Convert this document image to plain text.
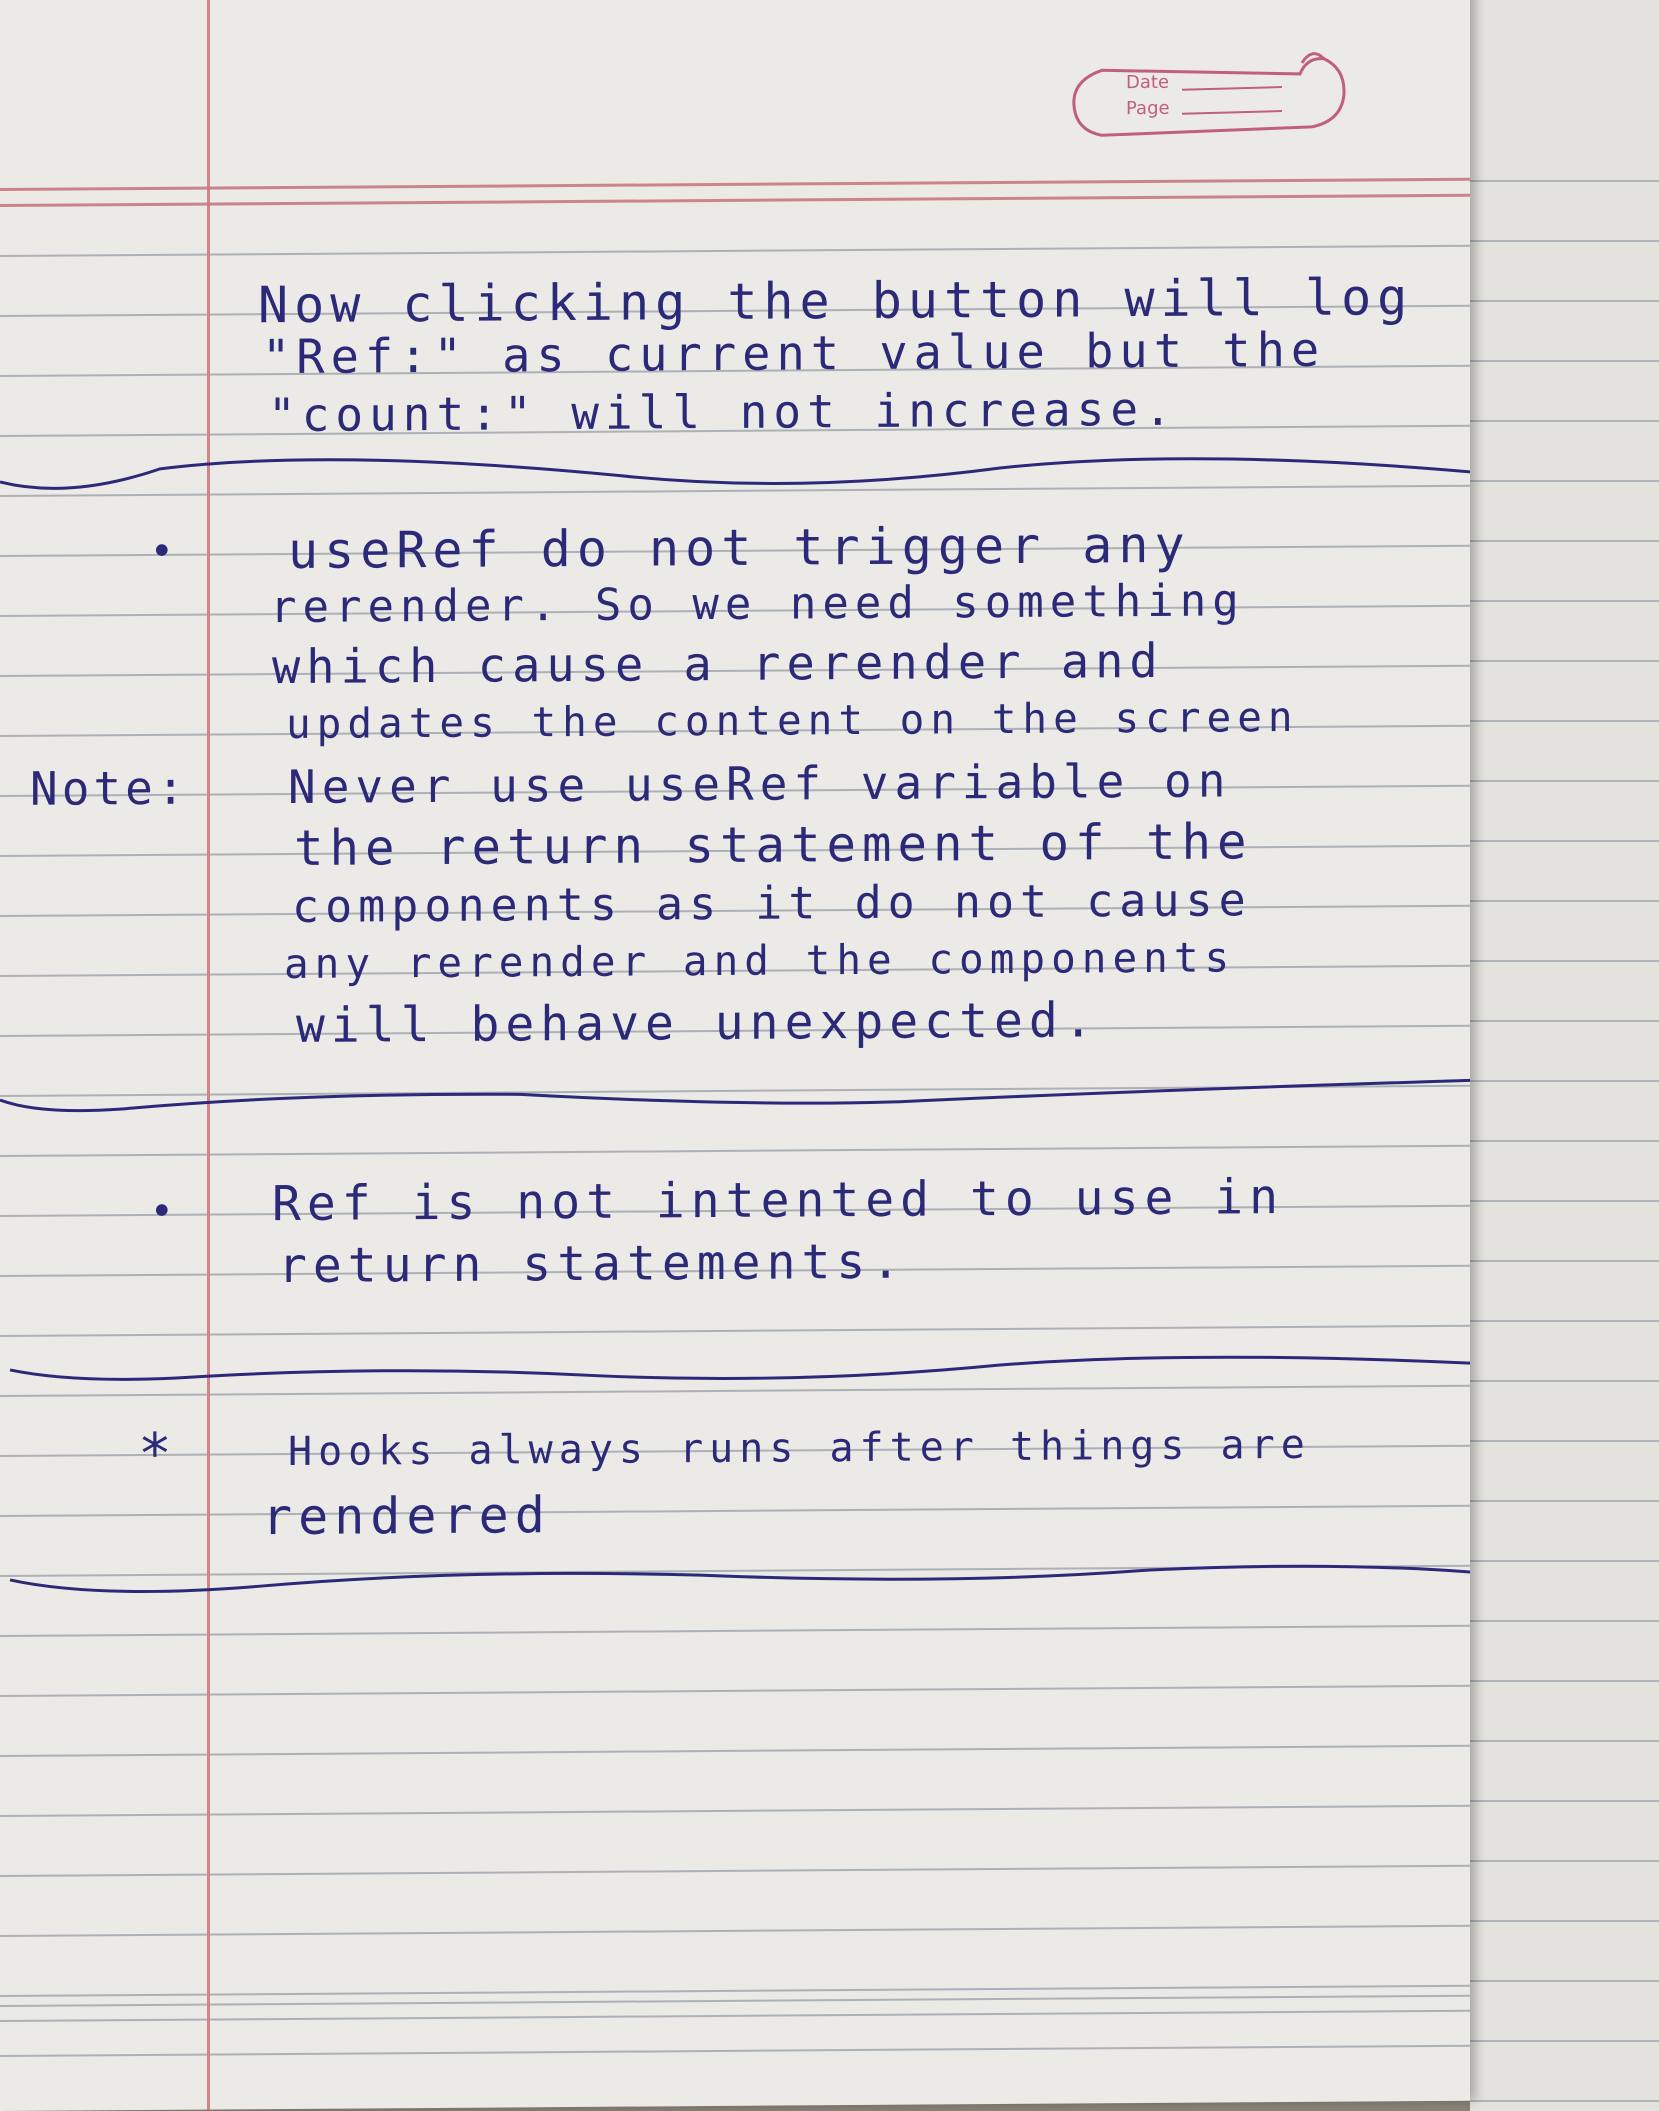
Date
Page
Now clicking the button will log
"Ref:" as current value but the
"count:" will not increase.
• useRef do not trigger any
rerender. So we need something
which cause a rerender and
updates the content on the screen
Note: Never use useRef variable on
the return statement of the
components as it do not cause
any rerender and the components
will behave unexpected.
• Ref is not intented to use in
return statements.
*	Hooks always runs after things are
rendered
